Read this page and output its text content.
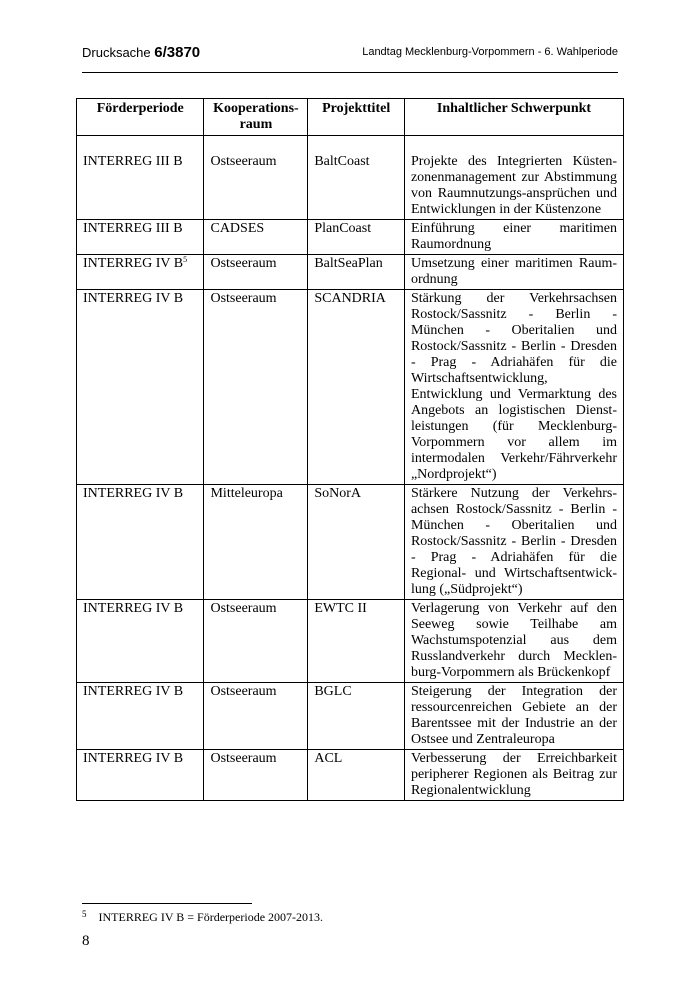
Drucksache 6/3870	Landtag Mecklenburg-Vorpommern - 6. Wahlperiode
Förderperiode	Kooperations-raum	Projekttitel	Inhaltlicher Schwerpunkt
INTERREG III B	Ostseeraum	BaltCoast	Projekte des Integrierten Küsten-zonenmanagement zur Abstimmung von Raumnutzungs-ansprüchen und Entwicklungen in der Küstenzone
INTERREG III B	CADSES	PlanCoast	Einführung einer maritimen Raumordnung
INTERREG IV $B^5$	Ostseeraum	BaltSeaPlan	Umsetzung einer maritimen Raum-ordnung
INTERREG IV B	Ostseeraum	SCANDRIA	Stärkung der Verkehrsachsen Rostock/Sassnitz - Berlin - München - Oberitalien und Rostock/Sassnitz - Berlin - Dresden - Prag - Adriahäfen für die Wirtschaftsentwicklung, Entwicklung und Vermarktung des Angebots an logistischen Dienst-leistungen (für Mecklenburg-Vorpommern vor allem im intermodalen Verkehr/Fährverkehr „Nordprojekt“)
INTERREG IV B	Mitteleuropa	SoNorA	Stärkere Nutzung der Verkehrs-achsen Rostock/Sassnitz - Berlin - München - Oberitalien und Rostock/Sassnitz - Berlin - Dresden - Prag - Adriahäfen für die Regional- und Wirtschaftsentwick-lung („Südprojekt“)
INTERREG IV B	Ostseeraum	EWTC II	Verlagerung von Verkehr auf den Seeweg sowie Teilhabe am Wachstumspotenzial aus dem Russlandverkehr durch Mecklen-burg-Vorpommern als Brückenkopf
INTERREG IV B	Ostseeraum	BGLC	Steigerung der Integration der ressourcenreichen Gebiete an der Barentssee mit der Industrie an der Ostsee und Zentraleuropa
INTERREG IV B	Ostseeraum	ACL	Verbesserung der Erreichbarkeit peripherer Regionen als Beitrag zur Regionalentwicklung
$^5$ INTERREG IV B = Förderperiode 2007-2013.
8
